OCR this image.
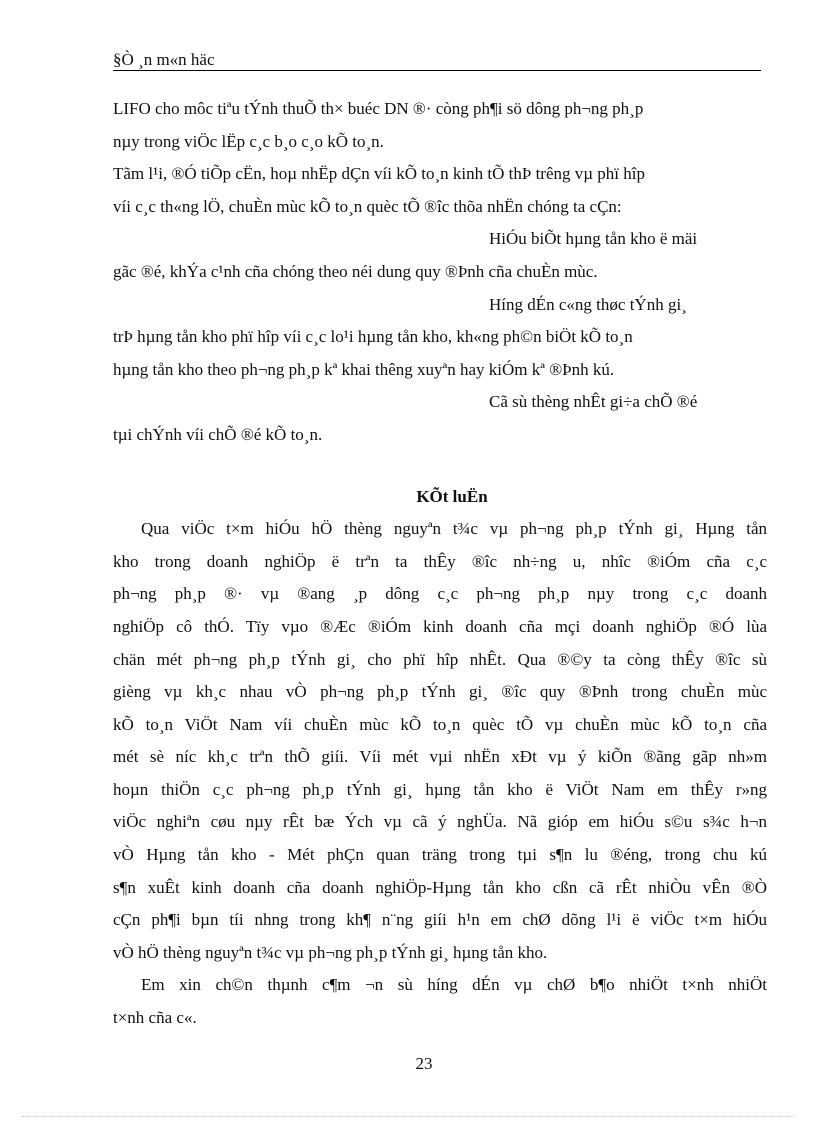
§Ò ¸n m«n häc
LIFO cho môc tiªu tÝnh thuÕ th× buéc DN ®· còng ph¶i sö dông ph¬ng ph¸p
nµy trong viÖc lËp c¸c b¸o c¸o kÕ to¸n.
Tãm l¹i, ®Ó tiÕp cËn, hoµ nhËp dÇn víi kÕ to¸n kinh tÕ thÞ trêng vµ phï hîp
víi c¸c th«ng lÖ, chuÈn mùc kÕ to¸n quèc tÕ ®îc thõa nhËn chóng ta cÇn:
HiÓu biÕt hµng tån kho ë mäi
gãc ®é, khÝa c¹nh cña chóng theo néi dung quy ®Þnh cña chuÈn mùc.
Híng dÉn c«ng thøc tÝnh gi¸
trÞ hµng tån kho phï hîp víi c¸c lo¹i hµng tån kho, kh«ng ph©n biÖt kÕ to¸n
hµng tån kho theo ph¬ng ph¸p kª khai thêng xuyªn hay kiÓm kª ®Þnh kú.
Cã sù thèng nhÊt gi÷a chÕ ®é
tµi chÝnh víi chÕ ®é kÕ to¸n.
KÕt luËn
Qua viÖc t×m hiÓu hÖ thèng nguyªn t¾c vµ ph¬ng ph¸p tÝnh gi¸ Hµng tån
kho trong doanh nghiÖp ë trªn ta thÊy ®îc nh÷ng u, nhîc ®iÓm cña c¸c
ph¬ng ph¸p ®· vµ ®ang ¸p dông c¸c ph¬ng ph¸p nµy trong c¸c doanh
nghiÖp cô thÓ. Tïy vµo ®Æc ®iÓm kinh doanh cña mçi doanh nghiÖp ®Ó lùa
chän mét ph¬ng ph¸p tÝnh gi¸ cho phï hîp nhÊt. Qua ®©y ta còng thÊy ®îc sù
gièng vµ kh¸c nhau vÒ ph¬ng ph¸p tÝnh gi¸ ®îc quy ®Þnh trong chuÈn mùc
kÕ to¸n ViÖt Nam víi chuÈn mùc kÕ to¸n quèc tÕ vµ chuÈn mùc kÕ to¸n cña
mét sè níc kh¸c trªn thÕ giíi. Víi mét vµi nhËn xÐt vµ ý kiÕn ®ãng gãp nh»m
hoµn thiÖn c¸c ph¬ng ph¸p tÝnh gi¸ hµng tån kho ë ViÖt Nam em thÊy r»ng
viÖc nghiªn cøu nµy rÊt bæ Ých vµ cã ý nghÜa. Nã gióp em hiÓu s©u s¾c h¬n
vÒ Hµng tån kho - Mét phÇn quan träng trong tµi s¶n lu ®éng, trong chu kú
s¶n xuÊt kinh doanh cña doanh nghiÖp-Hµng tån kho cßn cã rÊt nhiÒu vÊn ®Ò
cÇn ph¶i bµn tíi nhng trong kh¶ n¨ng giíi h¹n em chØ dõng l¹i ë viÖc t×m hiÓu
vÒ hÖ thèng nguyªn t¾c vµ ph¬ng ph¸p tÝnh gi¸ hµng tån kho.
Em xin ch©n thµnh c¶m ¬n sù híng dÉn vµ chØ b¶o nhiÖt t×nh nhiÖt
t×nh cña c«.
23
